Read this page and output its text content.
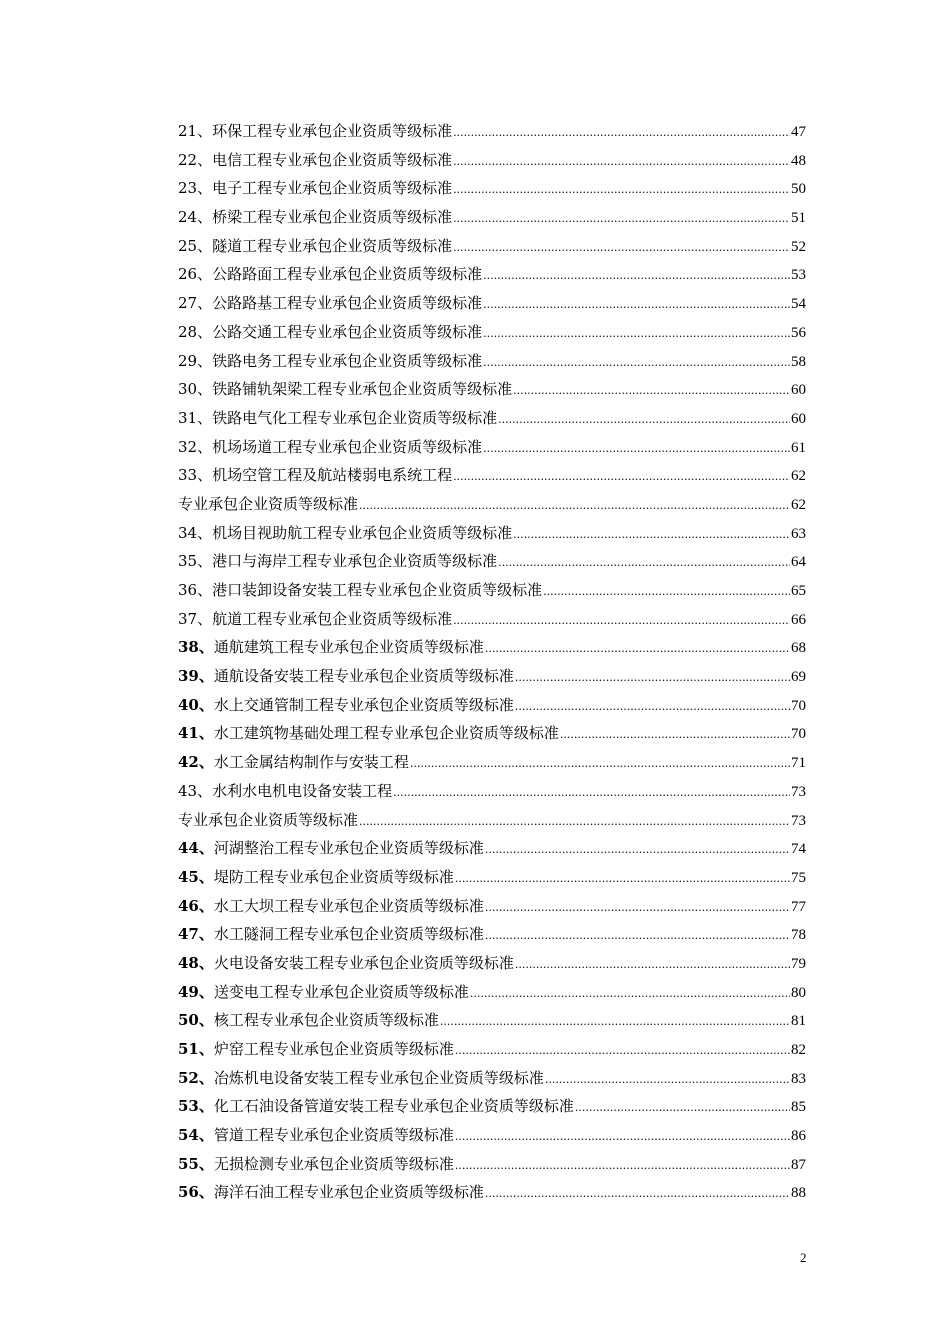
21、 环保工程专业承包企业资质等级标准 .....	47
22、 电信工程专业承包企业资质等级标准 .....	48
23、 电子工程专业承包企业资质等级标准 .....	50
24、 桥梁工程专业承包企业资质等级标准 .....	51
25、 隧道工程专业承包企业资质等级标准 .....	52
26、 公路路面工程专业承包企业资质等级标准 .....	53
27、 公路路基工程专业承包企业资质等级标准 .....	54
28、 公路交通工程专业承包企业资质等级标准 .....	56
29、 铁路电务工程专业承包企业资质等级标准 .....	58
30、 铁路铺轨架梁工程专业承包企业资质等级标准 .....	60
31、 铁路电气化工程专业承包企业资质等级标准 .....	60
32、 机场场道工程专业承包企业资质等级标准 .....	61
33、 机场空管工程及航站楼弱电系统工程 .....	62
专业承包企业资质等级标准 .....	62
34、 机场目视助航工程专业承包企业资质等级标准 .....	63
35、 港口与海岸工程专业承包企业资质等级标准 .....	64
36、 港口装卸设备安装工程专业承包企业资质等级标准 .....	65
37、 航道工程专业承包企业资质等级标准 .....	66
38、 通航建筑工程专业承包企业资质等级标准 .....	68
39、 通航设备安装工程专业承包企业资质等级标准 .....	69
40、 水上交通管制工程专业承包企业资质等级标准 .....	70
41、 水工建筑物基础处理工程专业承包企业资质等级标准 .....	70
42、 水工金属结构制作与安装工程 .....	71
43、 水利水电机电设备安装工程 .....	73
专业承包企业资质等级标准 .....	73
44、 河湖整治工程专业承包企业资质等级标准 .....	74
45、 堤防工程专业承包企业资质等级标准 .....	75
46、 水工大坝工程专业承包企业资质等级标准 .....	77
47、 水工隧洞工程专业承包企业资质等级标准 .....	78
48、 火电设备安装工程专业承包企业资质等级标准 .....	79
49、 送变电工程专业承包企业资质等级标准 .....	80
50、 核工程专业承包企业资质等级标准 .....	81
51、 炉窑工程专业承包企业资质等级标准 .....	82
52、 冶炼机电设备安装工程专业承包企业资质等级标准 .....	83
53、 化工石油设备管道安装工程专业承包企业资质等级标准 .....	85
54、 管道工程专业承包企业资质等级标准 .....	86
55、 无损检测专业承包企业资质等级标准 .....	87
56、 海洋石油工程专业承包企业资质等级标准 .....	88
2
